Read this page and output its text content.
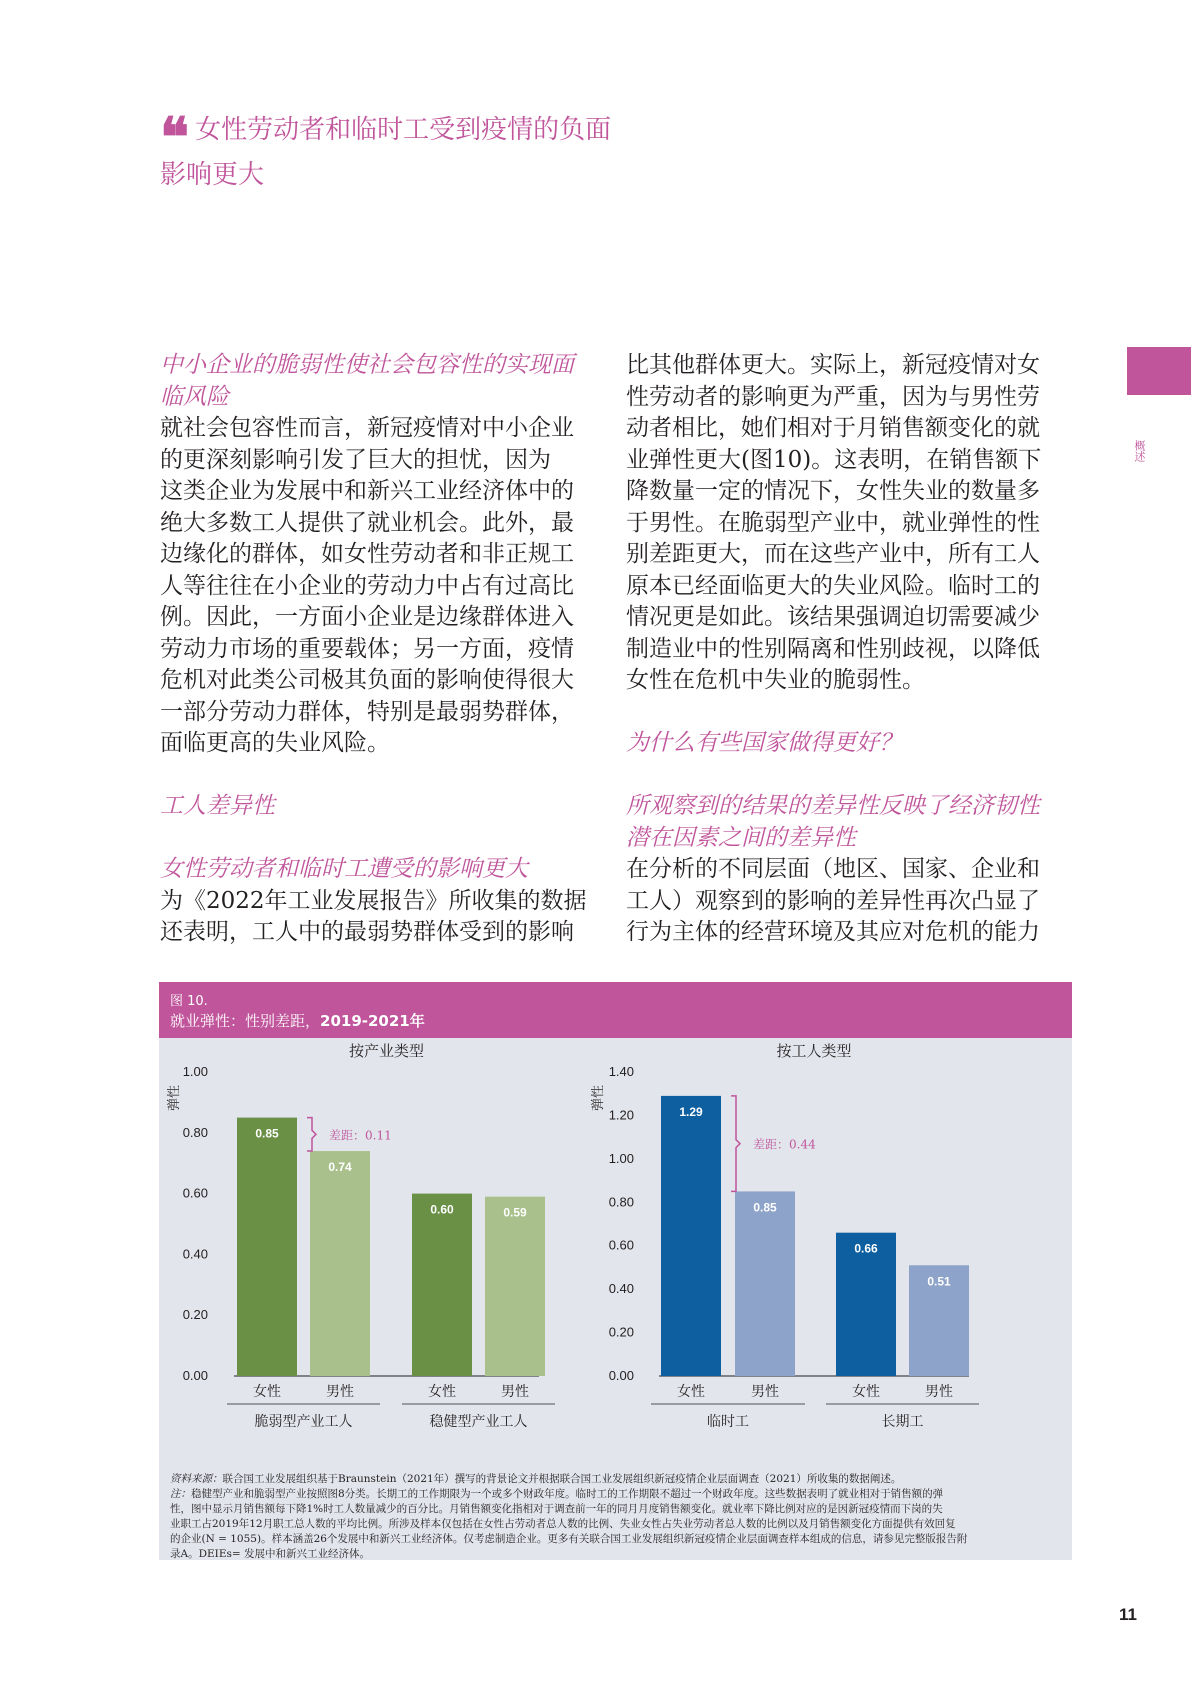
❝ 女性劳动者和临时工受到疫情的负面
影响更大
概述

中小企业的脆弱性使社会包容性的实现面
临风险

就社会包容性而言，新冠疫情对中小企业
的更深刻影响引发了巨大的担忧，因为
这类企业为发展中和新兴工业经济体中的
绝大多数工人提供了就业机会。此外，最
边缘化的群体，如女性劳动者和非正规工
人等往往在小企业的劳动力中占有过高比
例。因此，一方面小企业是边缘群体进入
劳动力市场的重要载体；另一方面，疫情
危机对此类公司极其负面的影响使得很大
一部分劳动力群体，特别是最弱势群体，
面临更高的失业风险。

工人差异性

女性劳动者和临时工遭受的影响更大

为《2022年工业发展报告》所收集的数据
还表明，工人中的最弱势群体受到的影响

比其他群体更大。实际上，新冠疫情对女
性劳动者的影响更为严重，因为与男性劳
动者相比，她们相对于月销售额变化的就
业弹性更大(图10)。这表明，在销售额下
降数量一定的情况下，女性失业的数量多
于男性。在脆弱型产业中，就业弹性的性
别差距更大，而在这些产业中，所有工人
原本已经面临更大的失业风险。临时工的
情况更是如此。该结果强调迫切需要减少
制造业中的性别隔离和性别歧视，以降低
女性在危机中失业的脆弱性。

为什么有些国家做得更好？

所观察到的结果的差异性反映了经济韧性
潜在因素之间的差异性

在分析的不同层面（地区、国家、企业和
工人）观察到的影响的差异性再次凸显了
行为主体的经营环境及其应对危机的能力

图 10.
就业弹性：性别差距，2019-2021年
按产业类型
弹性
0.00
0.20
0.40
0.60
0.80
1.00
0.85
女性
0.74
男性
脆弱型产业工人
0.60
女性
0.59
男性
稳健型产业工人
差距：0.11
按工人类型
弹性
0.00
0.20
0.40
0.60
0.80
1.00
1.20
1.40
1.29
女性
0.85
男性
临时工
0.66
女性
0.51
男性
长期工
差距：0.44

资料来源：联合国工业发展组织基于Braunstein（2021年）撰写的背景论文并根据联合国工业发展组织新冠疫情企业层面调查（2021）所收集的数据阐述。

注：稳健型产业和脆弱型产业按照图8分类。长期工的工作期限为一个或多个财政年度。临时工的工作期限不超过一个财政年度。这些数据表明了就业相对于销售额的弹
性，图中显示月销售额每下降1%时工人数量减少的百分比。月销售额变化指相对于调查前一年的同月月度销售额变化。就业率下降比例对应的是因新冠疫情而下岗的失
业职工占2019年12月职工总人数的平均比例。所涉及样本仅包括在女性占劳动者总人数的比例、失业女性占失业劳动者总人数的比例以及月销售额变化方面提供有效回复
的企业(N = 1055)。样本涵盖26个发展中和新兴工业经济体。仅考虑制造企业。更多有关联合国工业发展组织新冠疫情企业层面调查样本组成的信息，请参见完整版报告附
录A。DEIEs= 发展中和新兴工业经济体。

11
